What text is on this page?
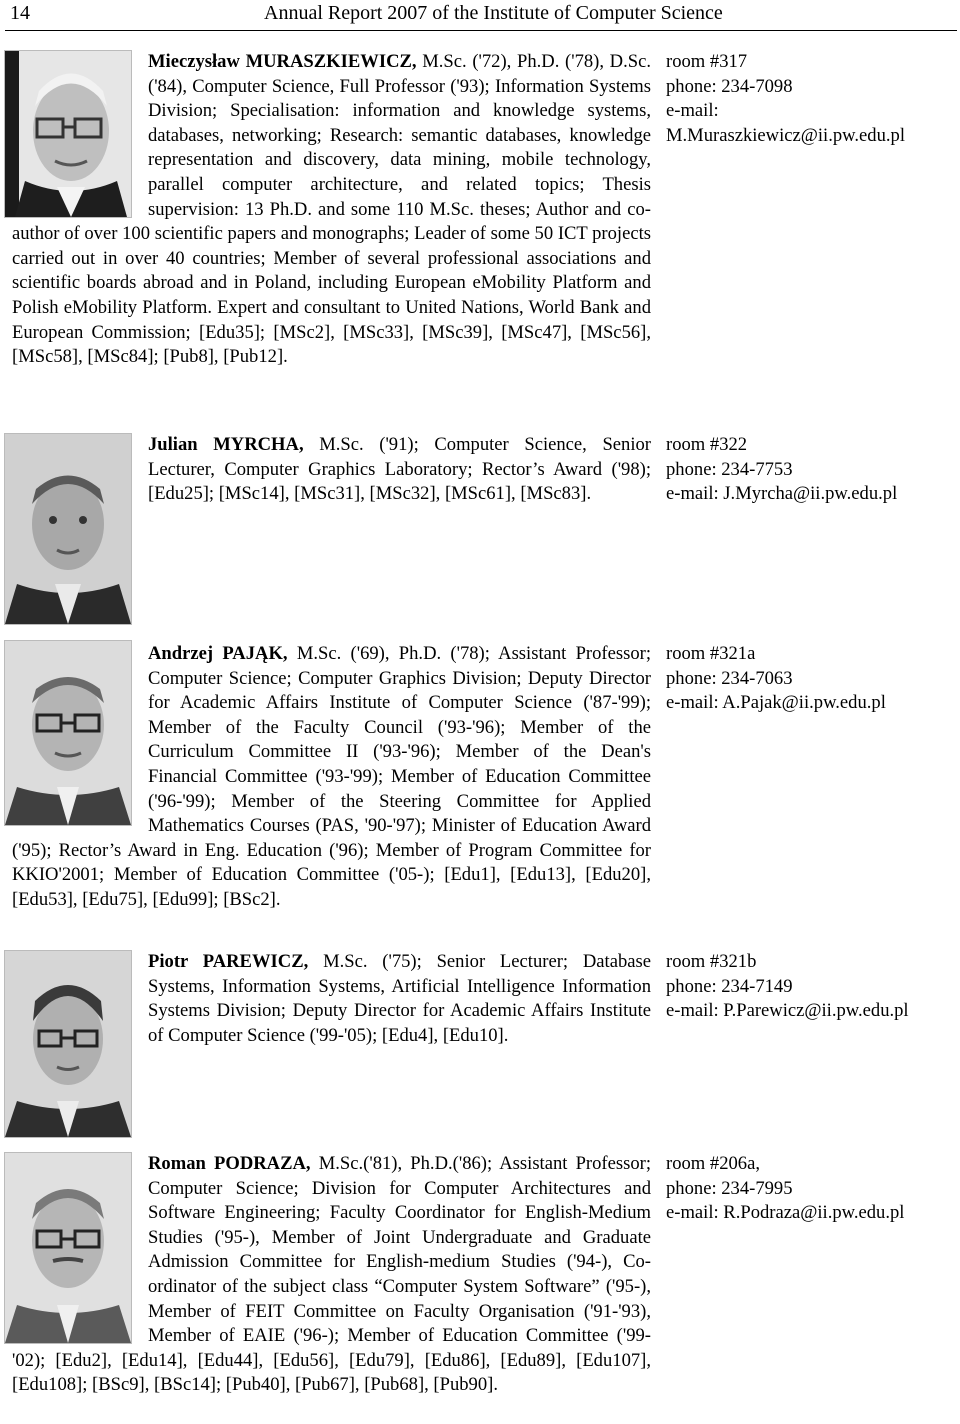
14	Annual Report 2007 of the Institute of Computer Science
Mieczysław MURASZKIEWICZ, M.Sc. ('72), Ph.D. ('78), D.Sc. ('84), Computer Science, Full Professor ('93); Information Systems Division; Specialisation: information and knowledge systems, databases, networking; Research: semantic databases, knowledge representation and discovery, data mining, mobile technology, parallel computer architecture, and related topics; Thesis supervision: 13 Ph.D. and some 110 M.Sc. theses; Author and co-author of over 100 scientific papers and monographs; Leader of some 50 ICT projects carried out in over 40 countries; Member of several professional associations and scientific boards abroad and in Poland, including European eMobility Platform and Polish eMobility Platform. Expert and consultant to United Nations, World Bank and European Commission; [Edu35]; [MSc2], [MSc33], [MSc39], [MSc47], [MSc56], [MSc58], [MSc84]; [Pub8], [Pub12].
room #317
phone: 234-7098
e-mail:
M.Muraszkiewicz@ii.pw.edu.pl
Julian MYRCHA, M.Sc. ('91); Computer Science, Senior Lecturer, Computer Graphics Laboratory; Rector’s Award ('98); [Edu25]; [MSc14], [MSc31], [MSc32], [MSc61], [MSc83].
room #322
phone: 234-7753
e-mail: J.Myrcha@ii.pw.edu.pl
Andrzej PAJĄK, M.Sc. ('69), Ph.D. ('78); Assistant Professor; Computer Science; Computer Graphics Division; Deputy Director for Academic Affairs Institute of Computer Science ('87-'99); Member of the Faculty Council ('93-'96); Member of the Curriculum Committee II ('93-'96); Member of the Dean's Financial Committee ('93-'99); Member of Education Committee ('96-'99); Member of the Steering Committee for Applied Mathematics Courses (PAS, '90-'97); Minister of Education Award ('95); Rector’s Award in Eng. Education ('96); Member of Program Committee for KKIO'2001; Member of Education Committee ('05-); [Edu1], [Edu13], [Edu20], [Edu53], [Edu75], [Edu99]; [BSc2].
room #321a
phone: 234-7063
e-mail: A.Pajak@ii.pw.edu.pl
Piotr PAREWICZ, M.Sc. ('75); Senior Lecturer; Database Systems, Information Systems, Artificial Intelligence Information Systems Division; Deputy Director for Academic Affairs Institute of Computer Science ('99-'05); [Edu4], [Edu10].
room #321b
phone: 234-7149
e-mail: P.Parewicz@ii.pw.edu.pl
Roman PODRAZA, M.Sc.('81), Ph.D.('86); Assistant Professor; Computer Science; Division for Computer Architectures and Software Engineering; Faculty Coordinator for English-Medium Studies ('95-), Member of Joint Undergraduate and Graduate Admission Committee for English-medium Studies ('94-), Co-ordinator of the subject class “Computer System Software” ('95-), Member of FEIT Committee on Faculty Organisation ('91-'93), Member of EAIE ('96-); Member of Education Committee ('99-'02); [Edu2], [Edu14], [Edu44], [Edu56], [Edu79], [Edu86], [Edu89], [Edu107], [Edu108]; [BSc9], [BSc14]; [Pub40], [Pub67], [Pub68], [Pub90].
room #206a,
phone: 234-7995
e-mail: R.Podraza@ii.pw.edu.pl
